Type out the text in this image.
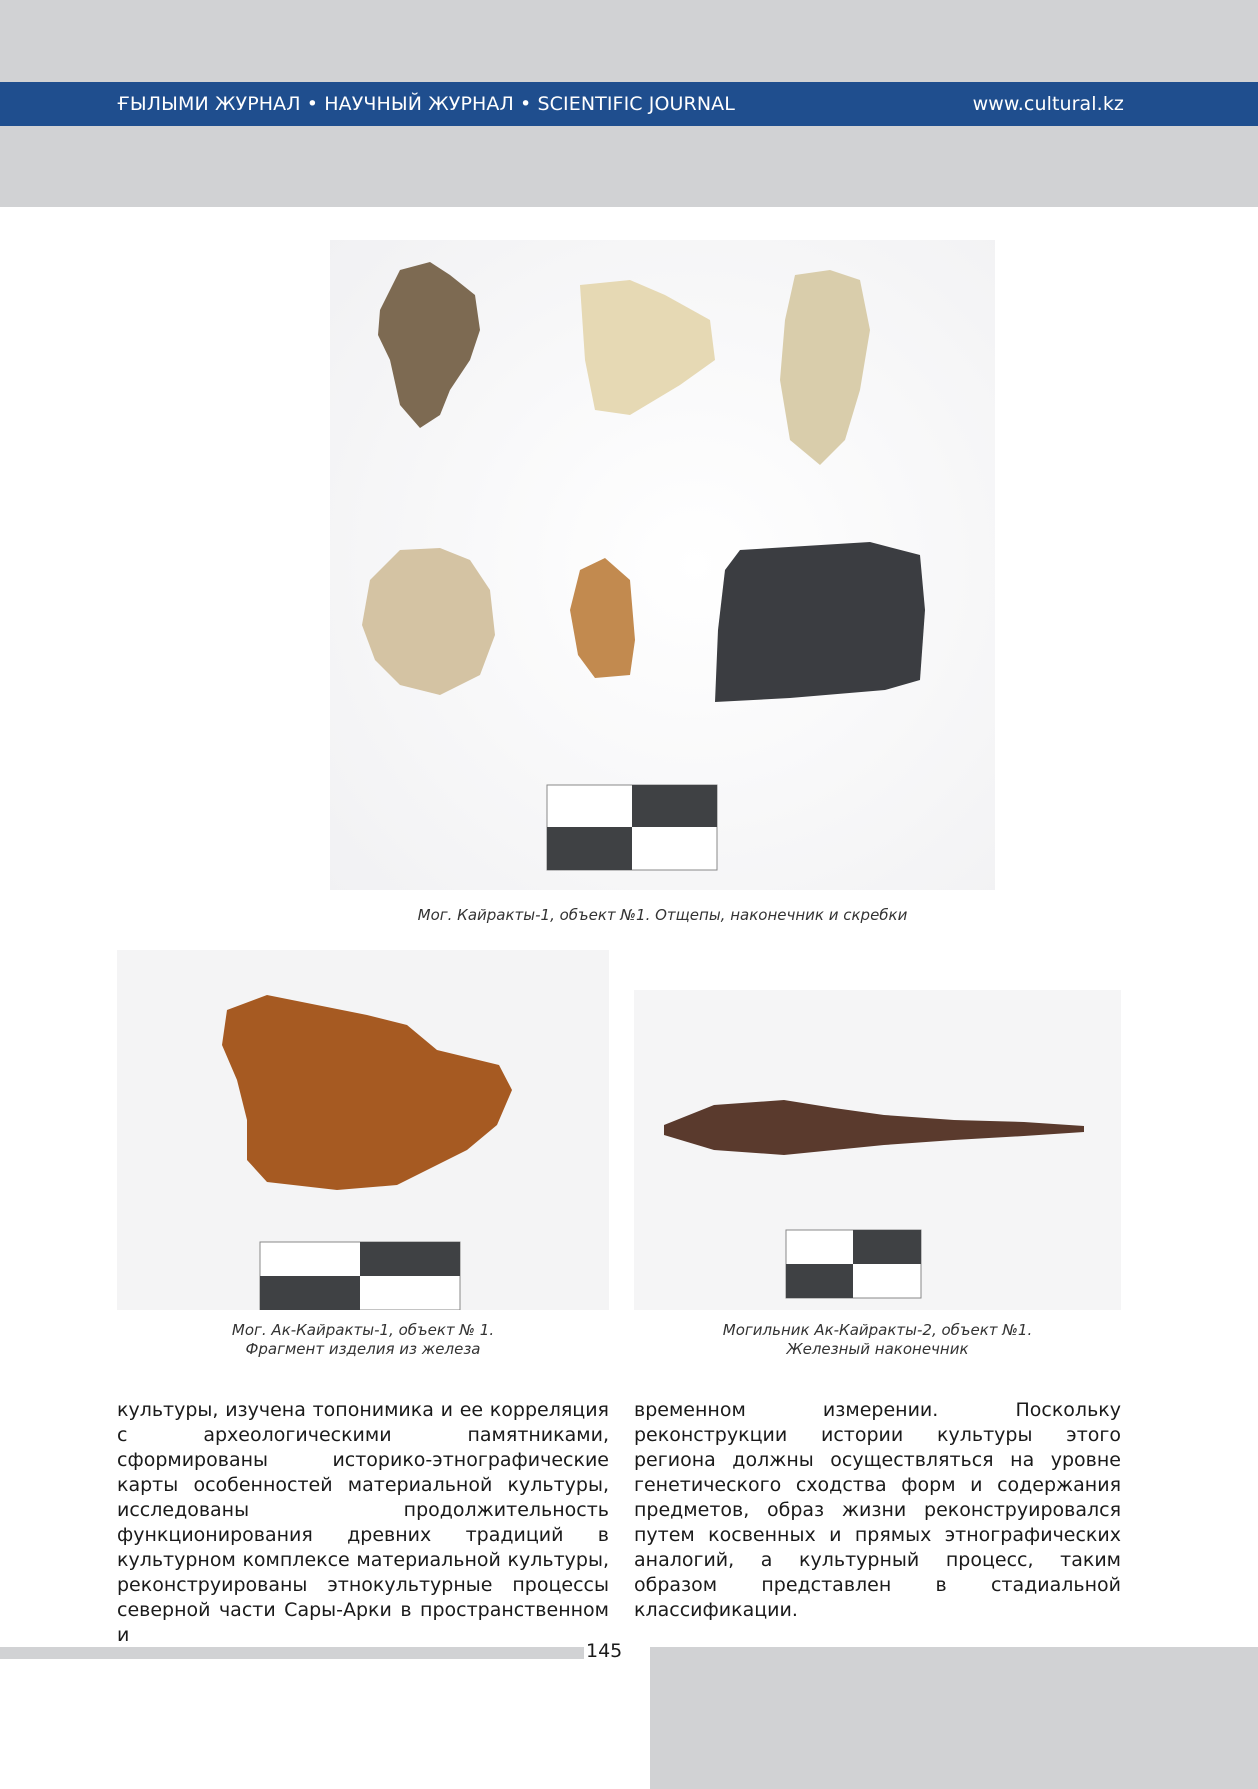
ҒЫЛЫМИ ЖУРНАЛ • НАУЧНЫЙ ЖУРНАЛ • SCIENTIFIC JOURNAL	www.cultural.kz
Мог. Кайракты-1, объект №1. Отщепы, наконечник и скребки
Мог. Ак-Кайракты-1, объект № 1.
Фрагмент изделия из железа
Могильник Ак-Кайракты-2, объект №1.
Железный наконечник
культуры, изучена топонимика и ее корреляция с археологическими памятниками, сформированы историко-этнографические карты особенностей материальной культуры, исследованы продолжительность функционирования древних традиций в культурном комплексе материальной культуры, реконструированы этнокультурные процессы северной части Сары-Арки в пространственном и
временном измерении. Поскольку реконструкции истории культуры этого региона должны осуществляться на уровне генетического сходства форм и содержания предметов, образ жизни реконструировался путем косвенных и прямых этнографических аналогий, а культурный процесс, таким образом представлен в стадиальной классификации.
145
